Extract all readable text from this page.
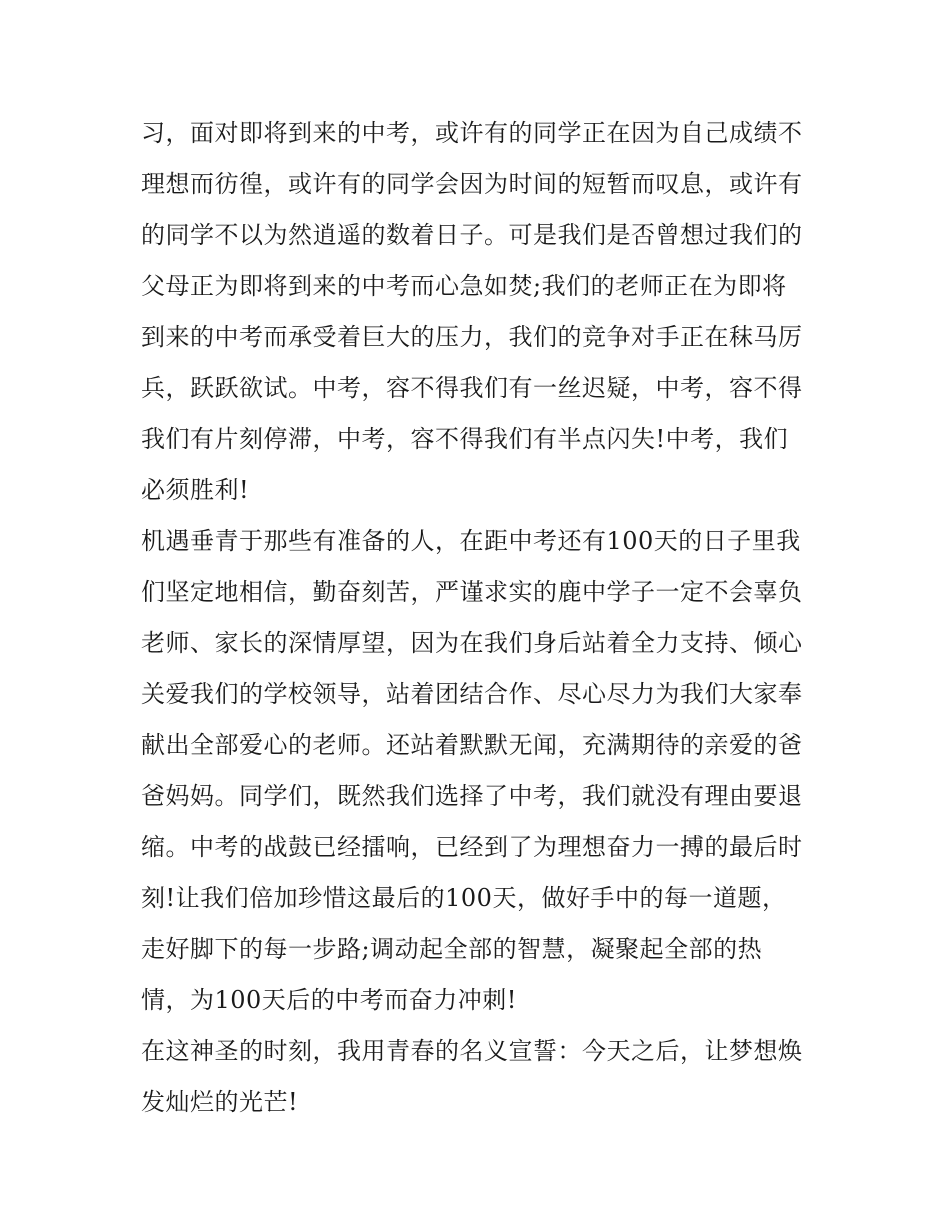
习，面对即将到来的中考，或许有的同学正在因为自己成绩不
理想而彷徨，或许有的同学会因为时间的短暂而叹息，或许有
的同学不以为然逍遥的数着日子。可是我们是否曾想过我们的
父母正为即将到来的中考而心急如焚;我们的老师正在为即将
到来的中考而承受着巨大的压力，我们的竞争对手正在秣马厉
兵，跃跃欲试。中考，容不得我们有一丝迟疑，中考，容不得
我们有片刻停滞，中考，容不得我们有半点闪失!中考，我们
必须胜利!
机遇垂青于那些有准备的人，在距中考还有100天的日子里我
们坚定地相信，勤奋刻苦，严谨求实的鹿中学子一定不会辜负
老师、家长的深情厚望，因为在我们身后站着全力支持、倾心
关爱我们的学校领导，站着团结合作、尽心尽力为我们大家奉
献出全部爱心的老师。还站着默默无闻，充满期待的亲爱的爸
爸妈妈。同学们，既然我们选择了中考，我们就没有理由要退
缩。中考的战鼓已经擂响，已经到了为理想奋力一搏的最后时
刻!让我们倍加珍惜这最后的100天，做好手中的每一道题，
走好脚下的每一步路;调动起全部的智慧，凝聚起全部的热
情，为100天后的中考而奋力冲刺!
在这神圣的时刻，我用青春的名义宣誓：今天之后，让梦想焕
发灿烂的光芒!
